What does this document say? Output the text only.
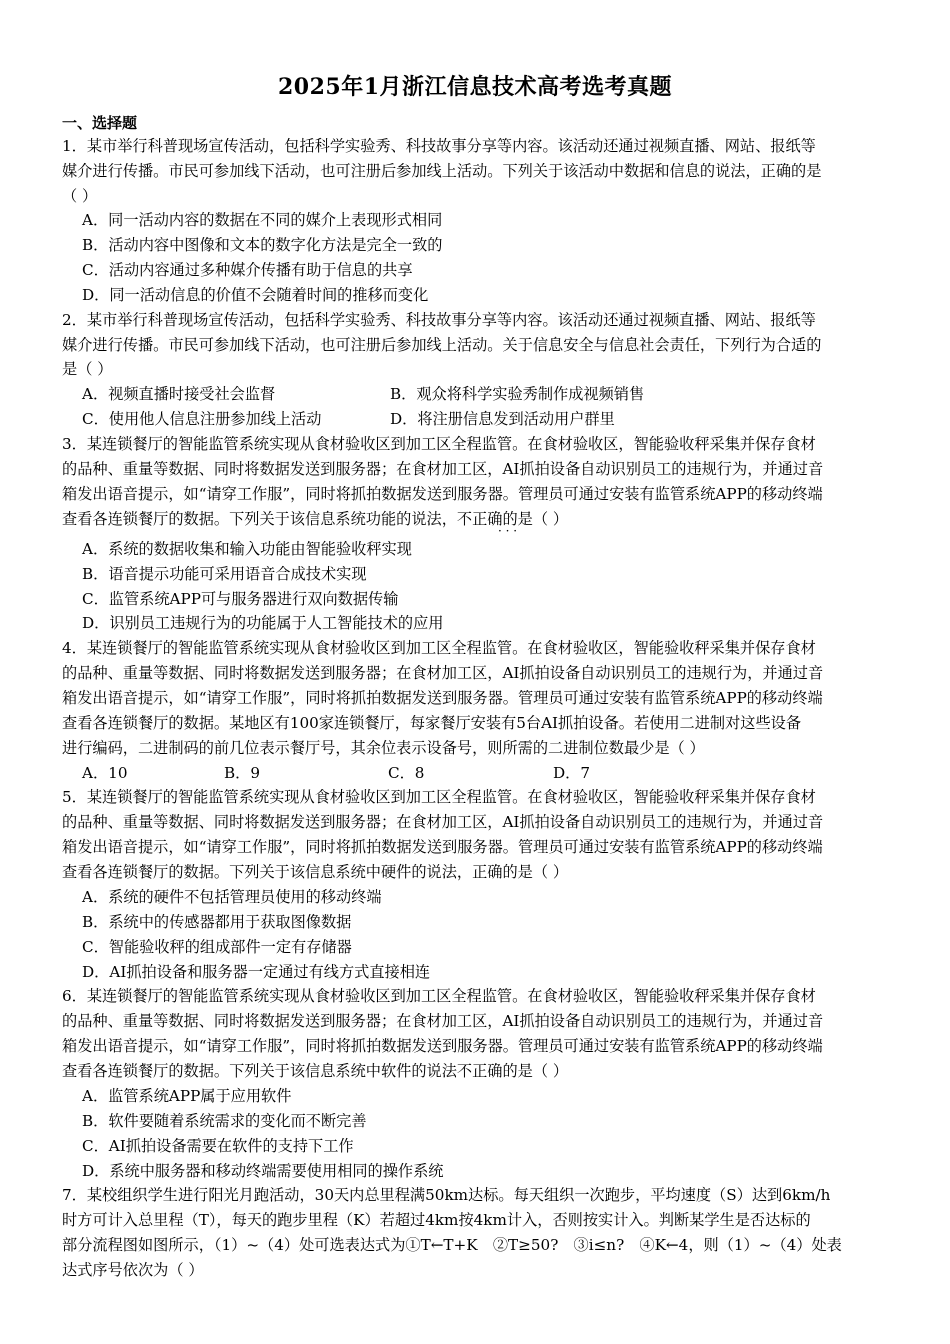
2025年1月浙江信息技术高考选考真题
一、选择题
1．某市举行科普现场宣传活动，包括科学实验秀、科技故事分享等内容。该活动还通过视频直播、网站、报纸等
媒介进行传播。市民可参加线下活动，也可注册后参加线上活动。下列关于该活动中数据和信息的说法，正确的是
（ ）
A．同一活动内容的数据在不同的媒介上表现形式相同
B．活动内容中图像和文本的数字化方法是完全一致的
C．活动内容通过多种媒介传播有助于信息的共享
D．同一活动信息的价值不会随着时间的推移而变化
2．某市举行科普现场宣传活动，包括科学实验秀、科技故事分享等内容。该活动还通过视频直播、网站、报纸等
媒介进行传播。市民可参加线下活动，也可注册后参加线上活动。关于信息安全与信息社会责任，下列行为合适的
是（ ）
A．视频直播时接受社会监督	B．观众将科学实验秀制作成视频销售
C．使用他人信息注册参加线上活动	D．将注册信息发到活动用户群里
3．某连锁餐厅的智能监管系统实现从食材验收区到加工区全程监管。在食材验收区，智能验收秤采集并保存食材
的品种、重量等数据、同时将数据发送到服务器；在食材加工区，AI抓拍设备自动识别员工的违规行为，并通过音
箱发出语音提示，如“请穿工作服”，同时将抓拍数据发送到服务器。管理员可通过安装有监管系统APP的移动终端
查看各连锁餐厅的数据。下列关于该信息系统功能的说法，不正确的是（ ）
· · ·
A．系统的数据收集和输入功能由智能验收秤实现
B．语音提示功能可采用语音合成技术实现
C．监管系统APP可与服务器进行双向数据传输
D．识别员工违规行为的功能属于人工智能技术的应用
4．某连锁餐厅的智能监管系统实现从食材验收区到加工区全程监管。在食材验收区，智能验收秤采集并保存食材
的品种、重量等数据、同时将数据发送到服务器；在食材加工区，AI抓拍设备自动识别员工的违规行为，并通过音
箱发出语音提示，如“请穿工作服”，同时将抓拍数据发送到服务器。管理员可通过安装有监管系统APP的移动终端
查看各连锁餐厅的数据。某地区有100家连锁餐厅，每家餐厅安装有5台AI抓拍设备。若使用二进制对这些设备
进行编码，二进制码的前几位表示餐厅号，其余位表示设备号，则所需的二进制位数最少是（ ）
A．10	B．9	C．8	D．7
5．某连锁餐厅的智能监管系统实现从食材验收区到加工区全程监管。在食材验收区，智能验收秤采集并保存食材
的品种、重量等数据、同时将数据发送到服务器；在食材加工区，AI抓拍设备自动识别员工的违规行为，并通过音
箱发出语音提示，如“请穿工作服”，同时将抓拍数据发送到服务器。管理员可通过安装有监管系统APP的移动终端
查看各连锁餐厅的数据。下列关于该信息系统中硬件的说法，正确的是（ ）
A．系统的硬件不包括管理员使用的移动终端
B．系统中的传感器都用于获取图像数据
C．智能验收秤的组成部件一定有存储器
D．AI抓拍设备和服务器一定通过有线方式直接相连
6．某连锁餐厅的智能监管系统实现从食材验收区到加工区全程监管。在食材验收区，智能验收秤采集并保存食材
的品种、重量等数据、同时将数据发送到服务器；在食材加工区，AI抓拍设备自动识别员工的违规行为，并通过音
箱发出语音提示，如“请穿工作服”，同时将抓拍数据发送到服务器。管理员可通过安装有监管系统APP的移动终端
查看各连锁餐厅的数据。下列关于该信息系统中软件的说法不正确的是（ ）
A．监管系统APP属于应用软件
B．软件要随着系统需求的变化而不断完善
C．AI抓拍设备需要在软件的支持下工作
D．系统中服务器和移动终端需要使用相同的操作系统
7．某校组织学生进行阳光月跑活动，30天内总里程满50km达标。每天组织一次跑步，平均速度（S）达到6km/h
时方可计入总里程（T），每天的跑步里程（K）若超过4km按4km计入，否则按实计入。判断某学生是否达标的
部分流程图如图所示，（1）~（4）处可选表达式为①T←T+K　②T≥50?　③i≤n?　④K←4，则（1）~（4）处表
达式序号依次为（ ）
